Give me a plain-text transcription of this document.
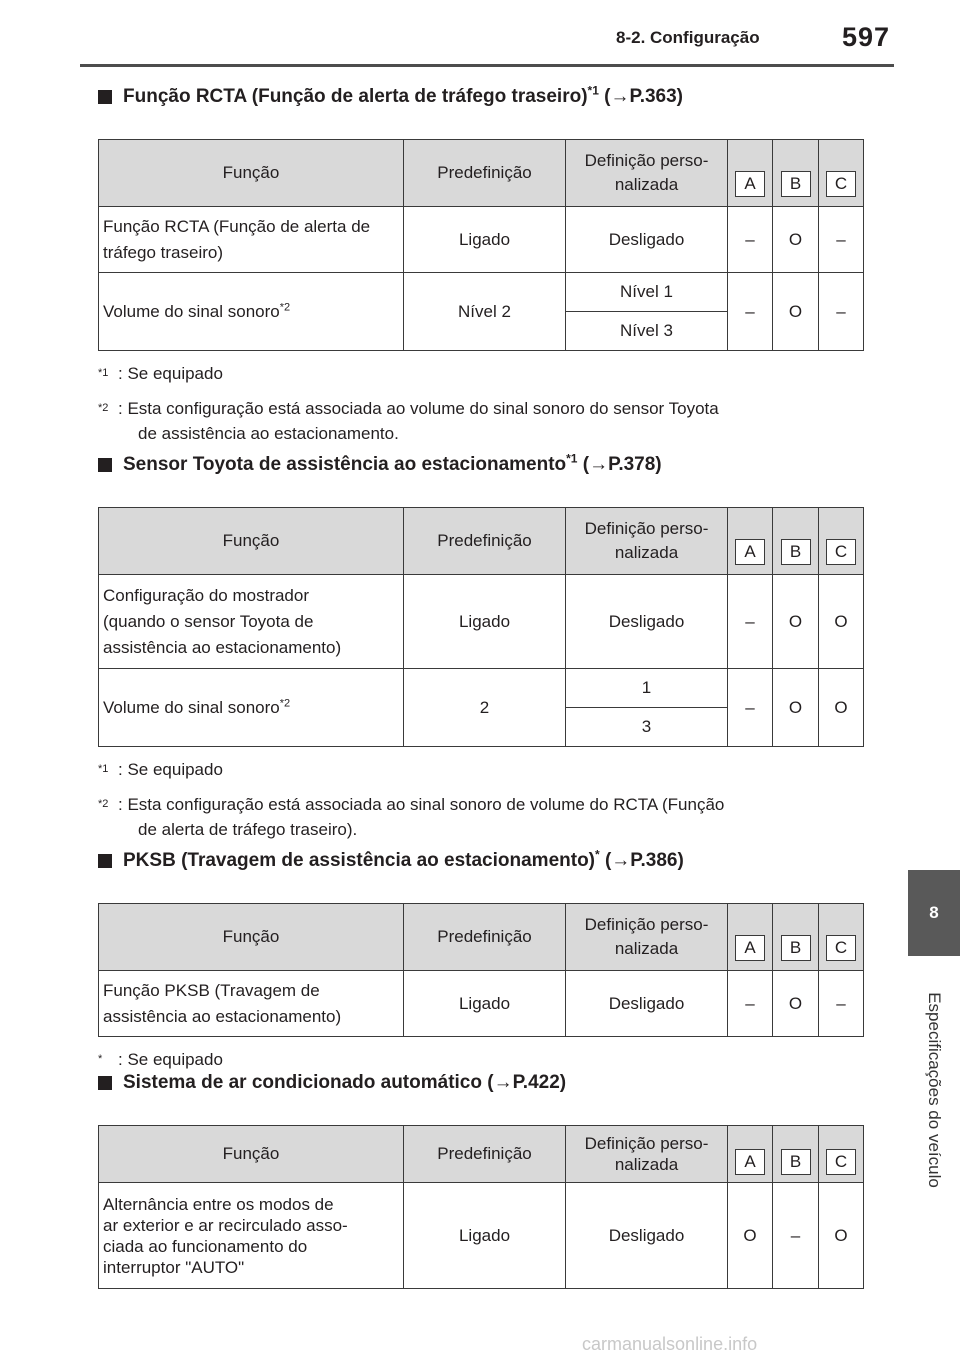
8-2. Configuração	597
8
Especificações do veículo
Função RCTA (Função de alerta de tráfego traseiro)$^{*1}$ (→P.363)
Função	Predefinição	Definição perso-
nalizada	A	B	C
Função RCTA (Função de alerta de tráfego traseiro)	Ligado	Desligado	–	O	–
Volume do sinal sonoro$^{*2}$	Nível 2	Nível 1
Nível 3	–	O	–
*1 : Se equipado
*2 : Esta configuração está associada ao volume do sinal sonoro do sensor Toyota
de assistência ao estacionamento.
Sensor Toyota de assistência ao estacionamento$^{*1}$ (→P.378)
Função	Predefinição	Definição perso-
nalizada	A	B	C
Configuração do mostrador
(quando o sensor Toyota de
assistência ao estacionamento)	Ligado	Desligado	–	O	O
Volume do sinal sonoro$^{*2}$	2	1
3	–	O	O
*1 : Se equipado
*2 : Esta configuração está associada ao sinal sonoro de volume do RCTA (Função
de alerta de tráfego traseiro).
PKSB (Travagem de assistência ao estacionamento)* (→P.386)
Função	Predefinição	Definição perso-
nalizada	A	B	C
Função PKSB (Travagem de
assistência ao estacionamento)	Ligado	Desligado	–	O	–
* : Se equipado
Sistema de ar condicionado automático (→P.422)
Função	Predefinição	Definição perso-
nalizada	A	B	C
Alternância entre os modos de
ar exterior e ar recirculado asso-
ciada ao funcionamento do
interruptor "AUTO"	Ligado	Desligado	O	–	O
carmanualsonline.info
